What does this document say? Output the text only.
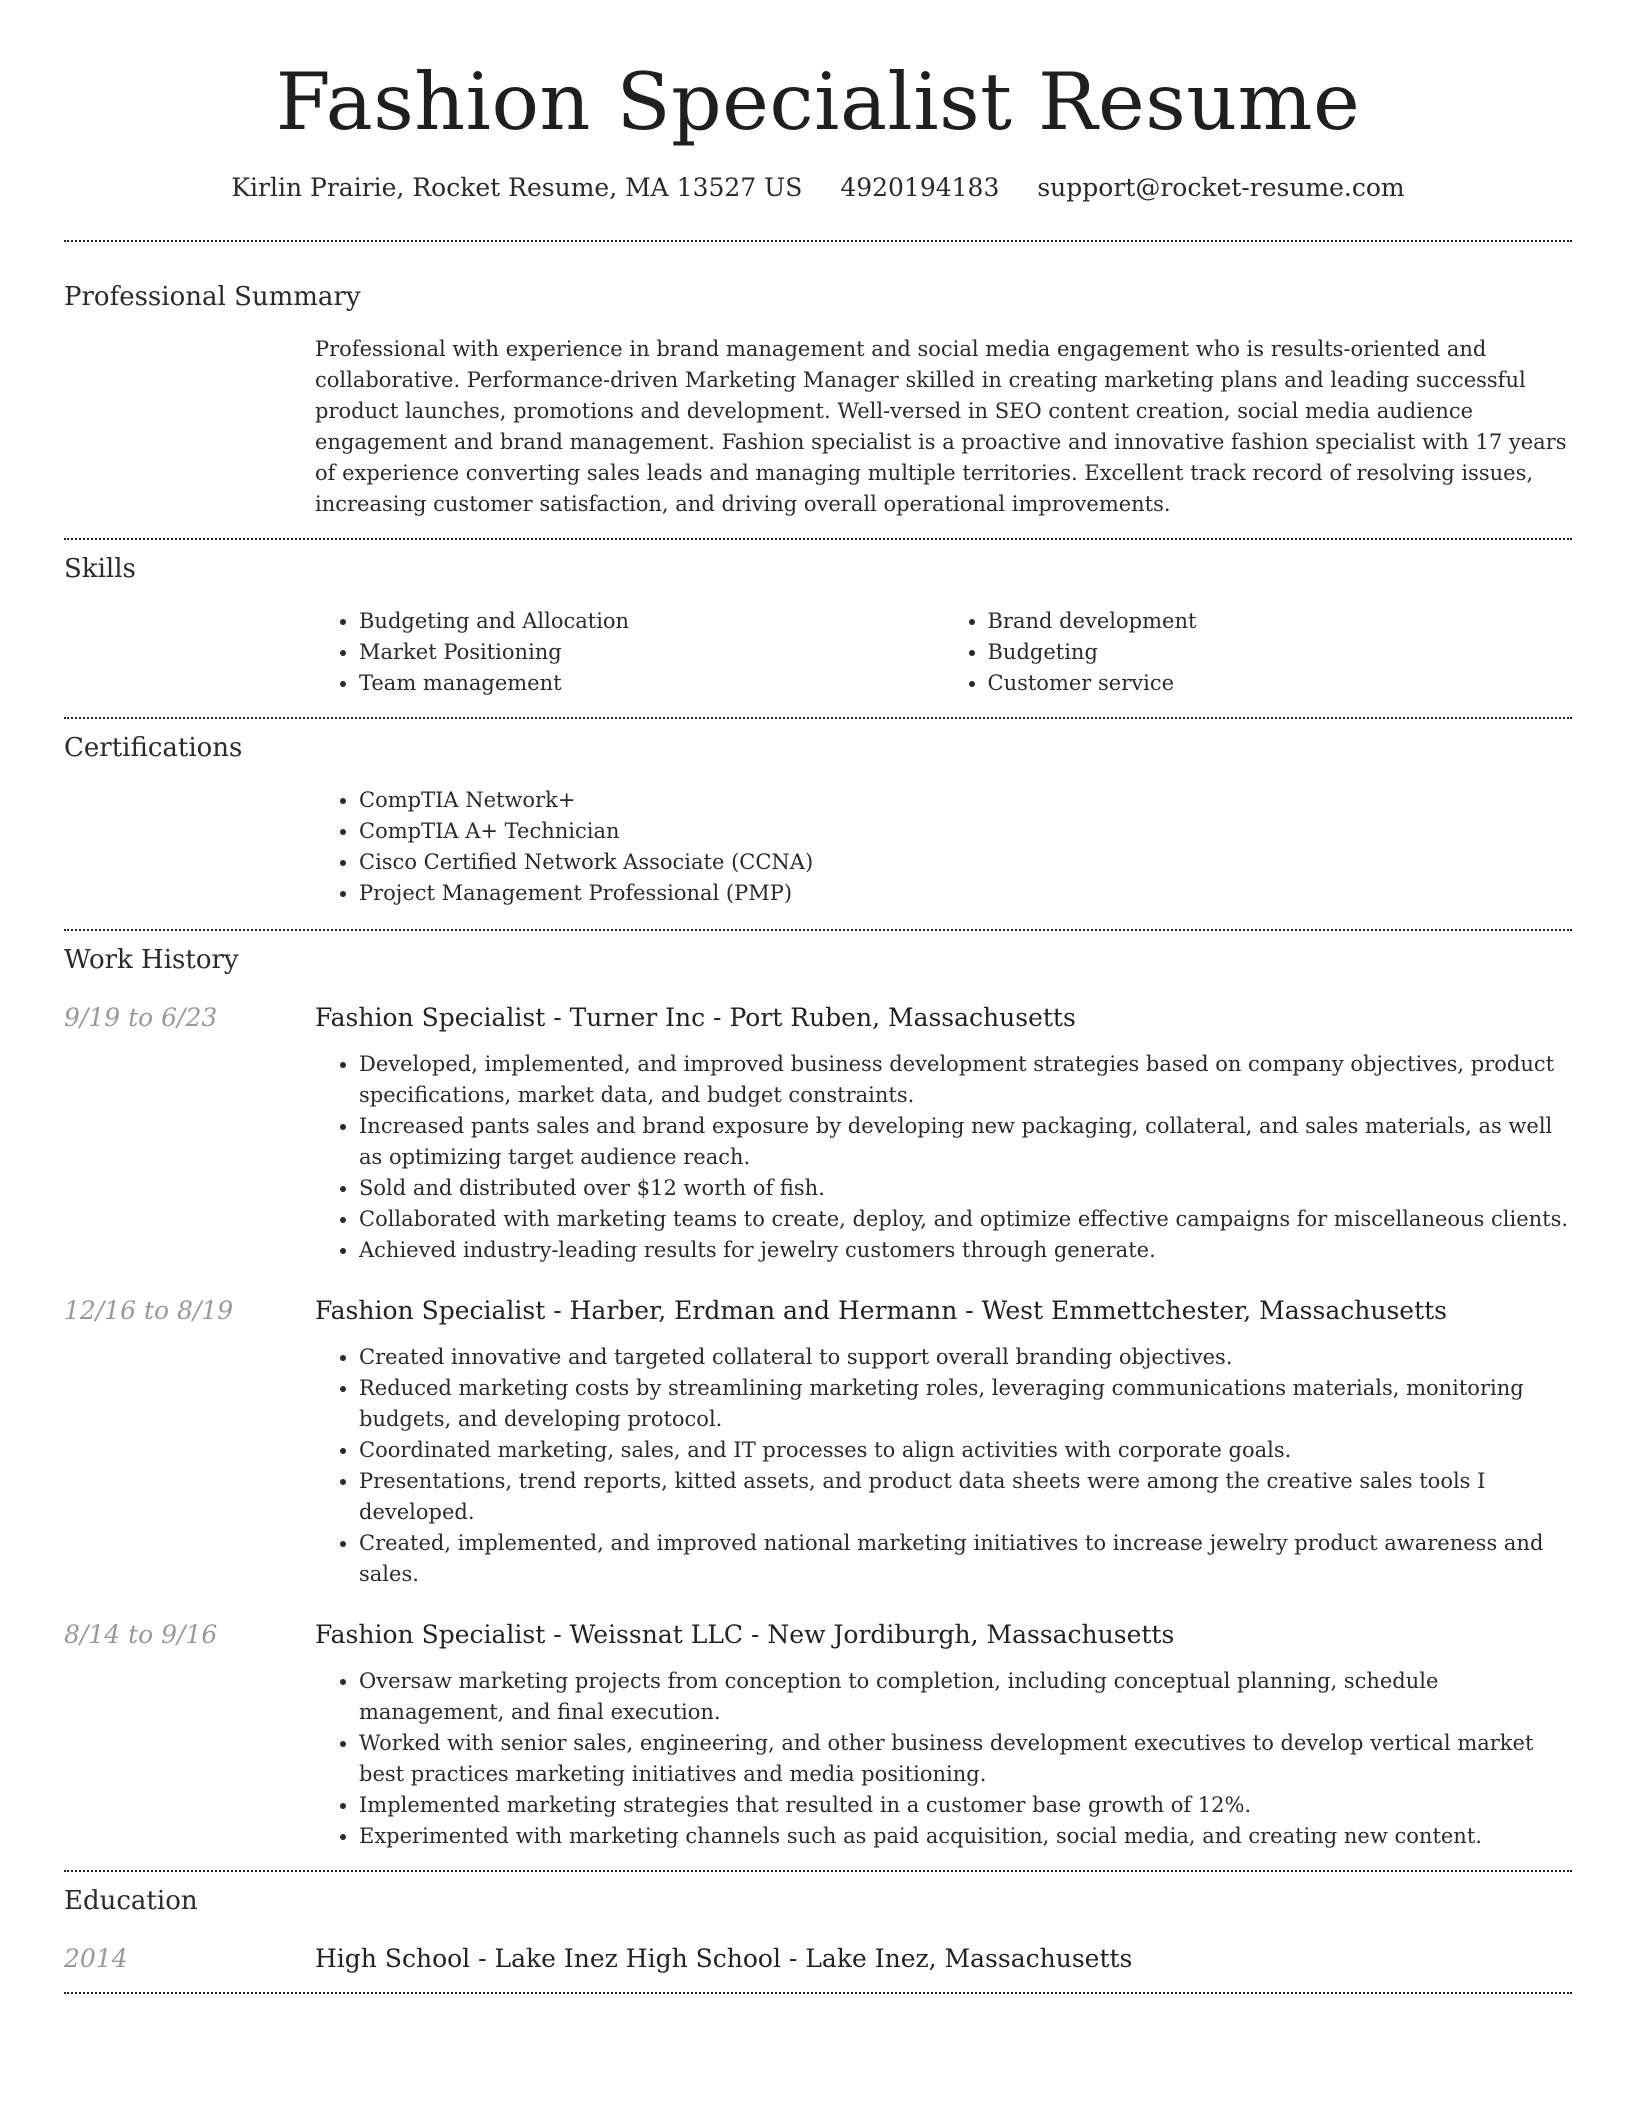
Fashion Specialist Resume
Kirlin Prairie, Rocket Resume, MA 13527 US 4920194183 support@rocket-resume.com
Professional Summary

Professional with experience in brand management and social media engagement who is results-oriented and collaborative. Performance-driven Marketing Manager skilled in creating marketing plans and leading successful product launches, promotions and development. Well-versed in SEO content creation, social media audience engagement and brand management. Fashion specialist is a proactive and innovative fashion specialist with 17 years of experience converting sales leads and managing multiple territories. Excellent track record of resolving issues, increasing customer satisfaction, and driving overall operational improvements.

Skills
• Budgeting and Allocation
• Market Positioning
• Team management
• Brand development
• Budgeting
• Customer service
Certifications
• CompTIA Network+
• CompTIA A+ Technician
• Cisco Certified Network Associate (CCNA)
• Project Management Professional (PMP)
Work History
9/19 to 6/23	Fashion Specialist - Turner Inc - Port Ruben, Massachusetts
• Developed, implemented, and improved business development strategies based on company objectives, product specifications, market data, and budget constraints.
• Increased pants sales and brand exposure by developing new packaging, collateral, and sales materials, as well as optimizing target audience reach.
• Sold and distributed over $12 worth of fish.
• Collaborated with marketing teams to create, deploy, and optimize effective campaigns for miscellaneous clients.
• Achieved industry-leading results for jewelry customers through generate.
12/16 to 8/19	Fashion Specialist - Harber, Erdman and Hermann - West Emmettchester, Massachusetts
• Created innovative and targeted collateral to support overall branding objectives.
• Reduced marketing costs by streamlining marketing roles, leveraging communications materials, monitoring budgets, and developing protocol.
• Coordinated marketing, sales, and IT processes to align activities with corporate goals.
• Presentations, trend reports, kitted assets, and product data sheets were among the creative sales tools I developed.
• Created, implemented, and improved national marketing initiatives to increase jewelry product awareness and sales.
8/14 to 9/16	Fashion Specialist - Weissnat LLC - New Jordiburgh, Massachusetts
• Oversaw marketing projects from conception to completion, including conceptual planning, schedule management, and final execution.
• Worked with senior sales, engineering, and other business development executives to develop vertical market best practices marketing initiatives and media positioning.
• Implemented marketing strategies that resulted in a customer base growth of 12%.
• Experimented with marketing channels such as paid acquisition, social media, and creating new content.
Education
2014	High School - Lake Inez High School - Lake Inez, Massachusetts
